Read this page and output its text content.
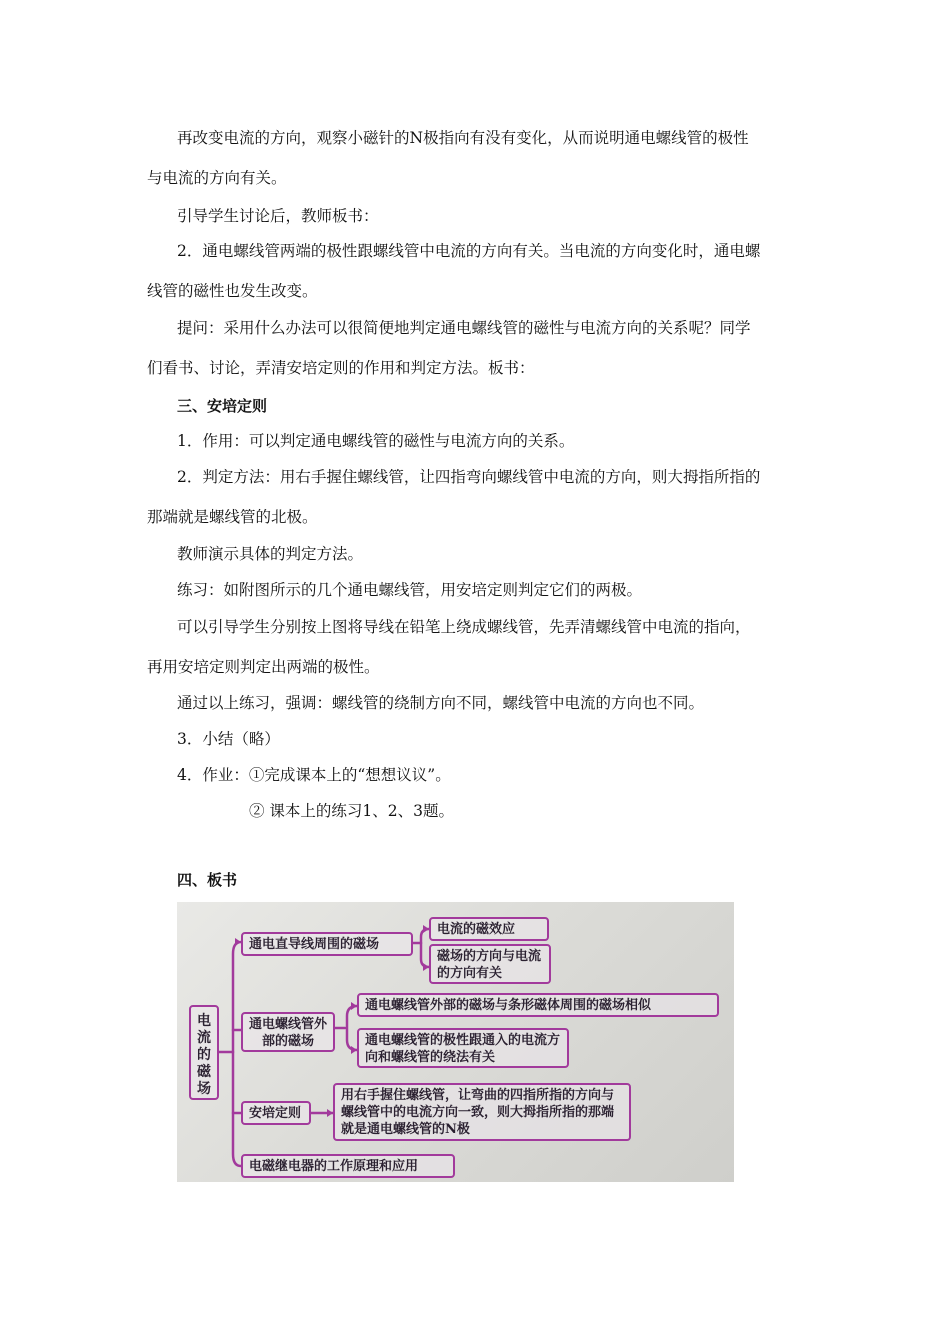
再改变电流的方向，观察小磁针的N极指向有没有变化，从而说明通电螺线管的极性
与电流的方向有关。
引导学生讨论后，教师板书：
2．通电螺线管两端的极性跟螺线管中电流的方向有关。当电流的方向变化时，通电螺
线管的磁性也发生改变。
提问：采用什么办法可以很简便地判定通电螺线管的磁性与电流方向的关系呢？同学
们看书、讨论，弄清安培定则的作用和判定方法。板书：
三、安培定则
1．作用：可以判定通电螺线管的磁性与电流方向的关系。
2．判定方法：用右手握住螺线管，让四指弯向螺线管中电流的方向，则大拇指所指的
那端就是螺线管的北极。
教师演示具体的判定方法。
练习：如附图所示的几个通电螺线管，用安培定则判定它们的两极。
可以引导学生分别按上图将导线在铅笔上绕成螺线管，先弄清螺线管中电流的指向，
再用安培定则判定出两端的极性。
通过以上练习，强调：螺线管的绕制方向不同，螺线管中电流的方向也不同。
3．小结（略）
4．作业：①完成课本上的“想想议议”。
② 课本上的练习1、2、3题。
四、板书
电流的磁场
通电直导线周围的磁场
电流的磁效应
磁场的方向与电流的方向有关
通电螺线管外部的磁场
通电螺线管外部的磁场与条形磁体周围的磁场相似
通电螺线管的极性跟通入的电流方向和螺线管的绕法有关
安培定则
用右手握住螺线管，让弯曲的四指所指的方向与螺线管中的电流方向一致，则大拇指所指的那端就是通电螺线管的N极
电磁继电器的工作原理和应用
